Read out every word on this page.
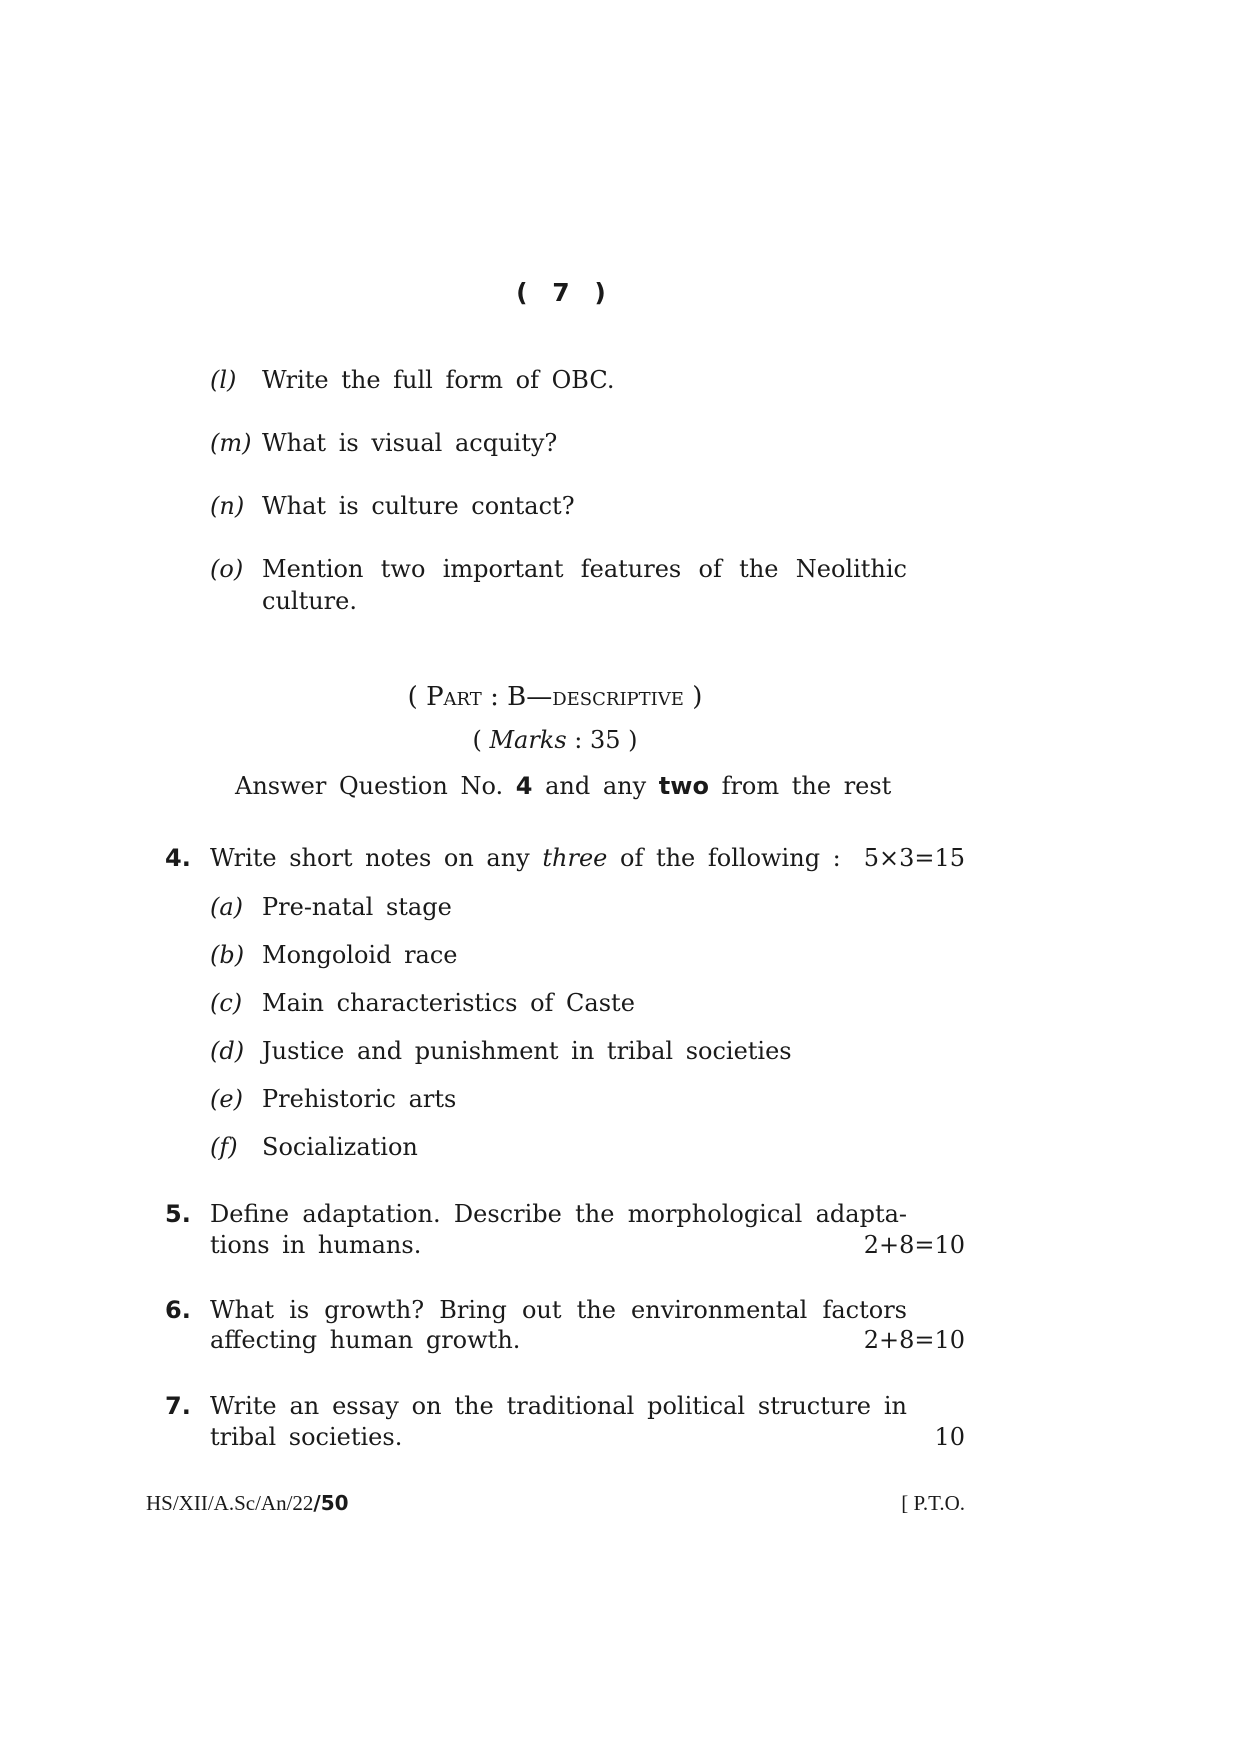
( 7 )
(l) Write the full form of OBC.
(m) What is visual acquity?
(n) What is culture contact?
(o) Mention two important features of the Neolithic
culture.
( Part : B—descriptive )
( Marks : 35 )
Answer Question No. 4 and any two from the rest
4. Write short notes on any three of the following : 5×3=15
(a) Pre-natal stage
(b) Mongoloid race
(c) Main characteristics of Caste
(d) Justice and punishment in tribal societies
(e) Prehistoric arts
(f) Socialization
5. Define adaptation. Describe the morphological adapta-
tions in humans.	2+8=10
6. What is growth? Bring out the environmental factors
affecting human growth.	2+8=10
7. Write an essay on the traditional political structure in
tribal societies.	10
HS/XII/A.Sc/An/22/50	[ P.T.O.
